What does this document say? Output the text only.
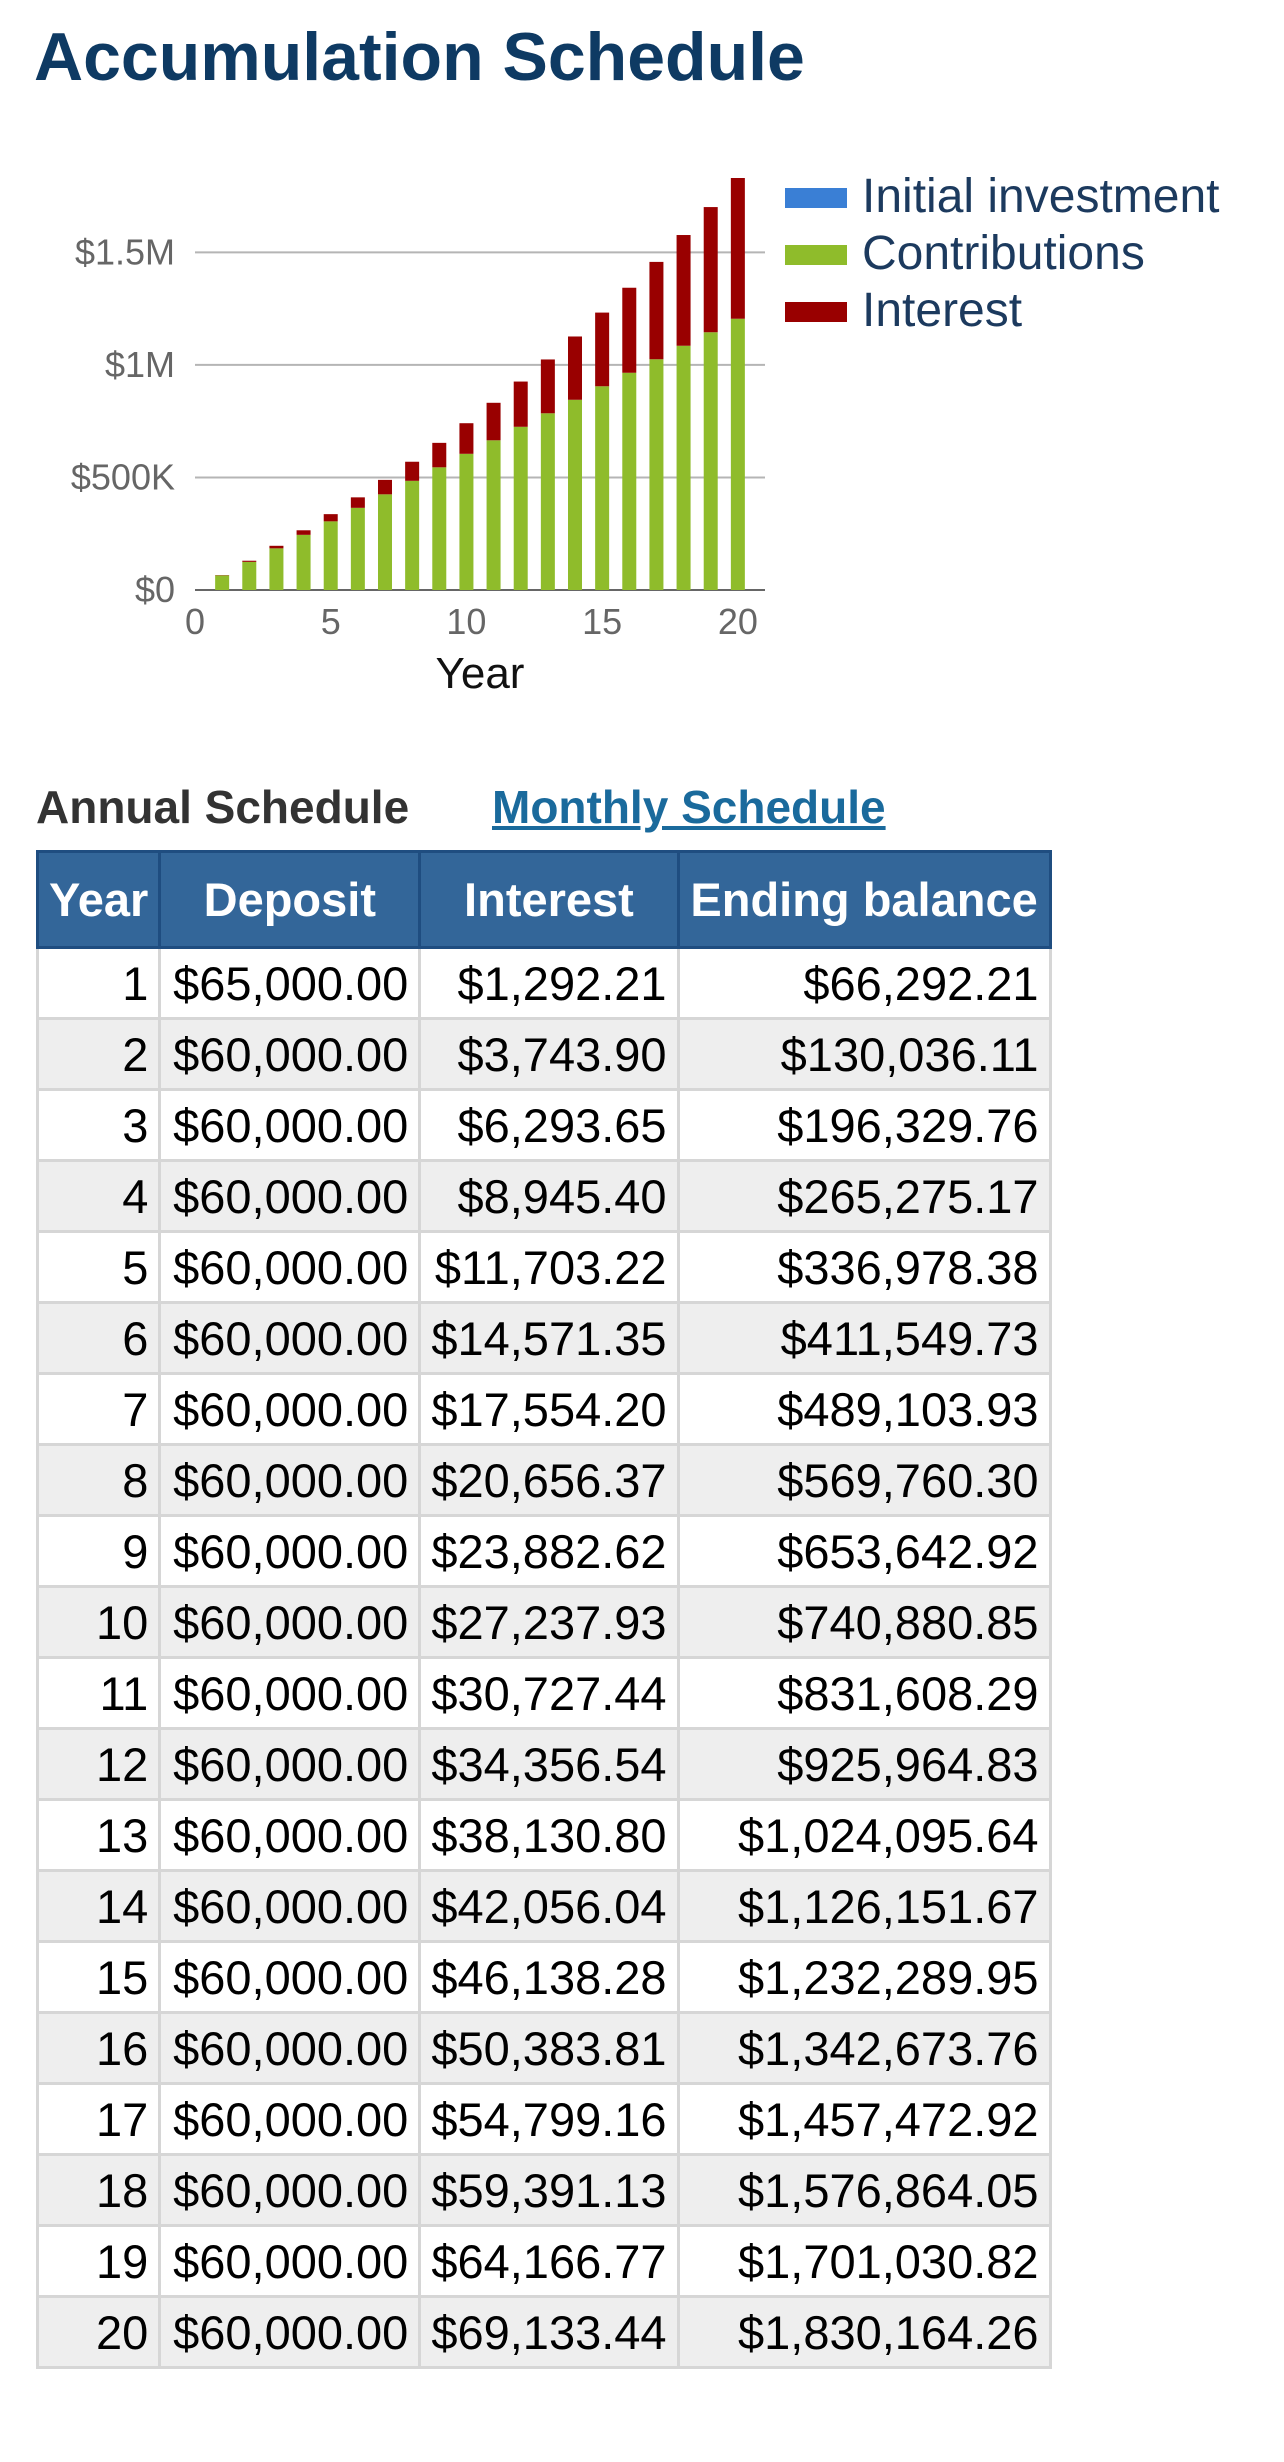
Accumulation Schedule
$0
$500K
$1M
$1.5M
0	5	10	15	20
Year
Initial investment
Contributions
Interest
Annual Schedule Monthly Schedule
Year	Deposit	Interest	Ending balance
1	$65,000.00	$1,292.21	$66,292.21
2	$60,000.00	$3,743.90	$130,036.11
3	$60,000.00	$6,293.65	$196,329.76
4	$60,000.00	$8,945.40	$265,275.17
5	$60,000.00	$11,703.22	$336,978.38
6	$60,000.00	$14,571.35	$411,549.73
7	$60,000.00	$17,554.20	$489,103.93
8	$60,000.00	$20,656.37	$569,760.30
9	$60,000.00	$23,882.62	$653,642.92
10	$60,000.00	$27,237.93	$740,880.85
11	$60,000.00	$30,727.44	$831,608.29
12	$60,000.00	$34,356.54	$925,964.83
13	$60,000.00	$38,130.80	$1,024,095.64
14	$60,000.00	$42,056.04	$1,126,151.67
15	$60,000.00	$46,138.28	$1,232,289.95
16	$60,000.00	$50,383.81	$1,342,673.76
17	$60,000.00	$54,799.16	$1,457,472.92
18	$60,000.00	$59,391.13	$1,576,864.05
19	$60,000.00	$64,166.77	$1,701,030.82
20	$60,000.00	$69,133.44	$1,830,164.26
